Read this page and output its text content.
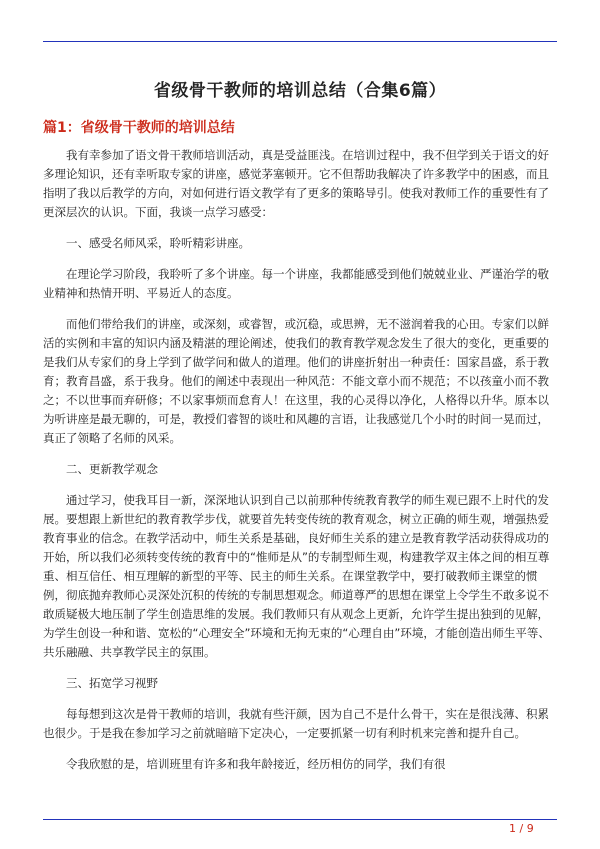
省级骨干教师的培训总结（合集6篇）
篇1：省级骨干教师的培训总结

我有幸参加了语文骨干教师培训活动，真是受益匪浅。在培训过程中，我不但学到关于语文的好多理论知识，还有幸听取专家的讲座，感觉茅塞顿开。它不但帮助我解决了许多教学中的困惑，而且指明了我以后教学的方向，对如何进行语文教学有了更多的策略导引。使我对教师工作的重要性有了更深层次的认识。下面，我谈一点学习感受：

一、感受名师风采，聆听精彩讲座。

在理论学习阶段，我聆听了多个讲座。每一个讲座，我都能感受到他们兢兢业业、严谨治学的敬业精神和热情开明、平易近人的态度。

而他们带给我们的讲座，或深刻，或睿智，或沉稳，或思辨，无不滋润着我的心田。专家们以鲜活的实例和丰富的知识内涵及精湛的理论阐述，使我们的教育教学观念发生了很大的变化，更重要的是我们从专家们的身上学到了做学问和做人的道理。他们的讲座折射出一种责任：国家昌盛，系于教育；教育昌盛，系于我身。他们的阐述中表现出一种风范：不能文章小而不规范；不以孩童小而不教之；不以世事而弃研修；不以家事烦而怠育人！在这里，我的心灵得以净化，人格得以升华。原本以为听讲座是最无聊的，可是，教授们睿智的谈吐和风趣的言语，让我感觉几个小时的时间一晃而过，真正了领略了名师的风采。

二、更新教学观念

通过学习，使我耳目一新，深深地认识到自己以前那种传统教育教学的师生观已跟不上时代的发展。要想跟上新世纪的教育教学步伐，就要首先转变传统的教育观念，树立正确的师生观，增强热爱教育事业的信念。在教学活动中，师生关系是基础，良好师生关系的建立是教育教学活动获得成功的开始，所以我们必须转变传统的教育中的“惟师是从”的专制型师生观，构建教学双主体之间的相互尊重、相互信任、相互理解的新型的平等、民主的师生关系。在课堂教学中，要打破教师主课堂的惯例，彻底抛弃教师心灵深处沉积的传统的专制思想观念。师道尊严的思想在课堂上令学生不敢多说不敢质疑极大地压制了学生创造思维的发展。我们教师只有从观念上更新，允许学生提出独到的见解，为学生创设一种和谐、宽松的“心理安全”环境和无拘无束的“心理自由”环境，才能创造出师生平等、共乐融融、共享教学民主的氛围。

三、拓宽学习视野

每每想到这次是骨干教师的培训，我就有些汗颜，因为自己不是什么骨干，实在是很浅薄、积累也很少。于是我在参加学习之前就暗暗下定决心，一定要抓紧一切有利时机来完善和提升自己。

令我欣慰的是，培训班里有许多和我年龄接近，经历相仿的同学，我们有很

1 / 9
